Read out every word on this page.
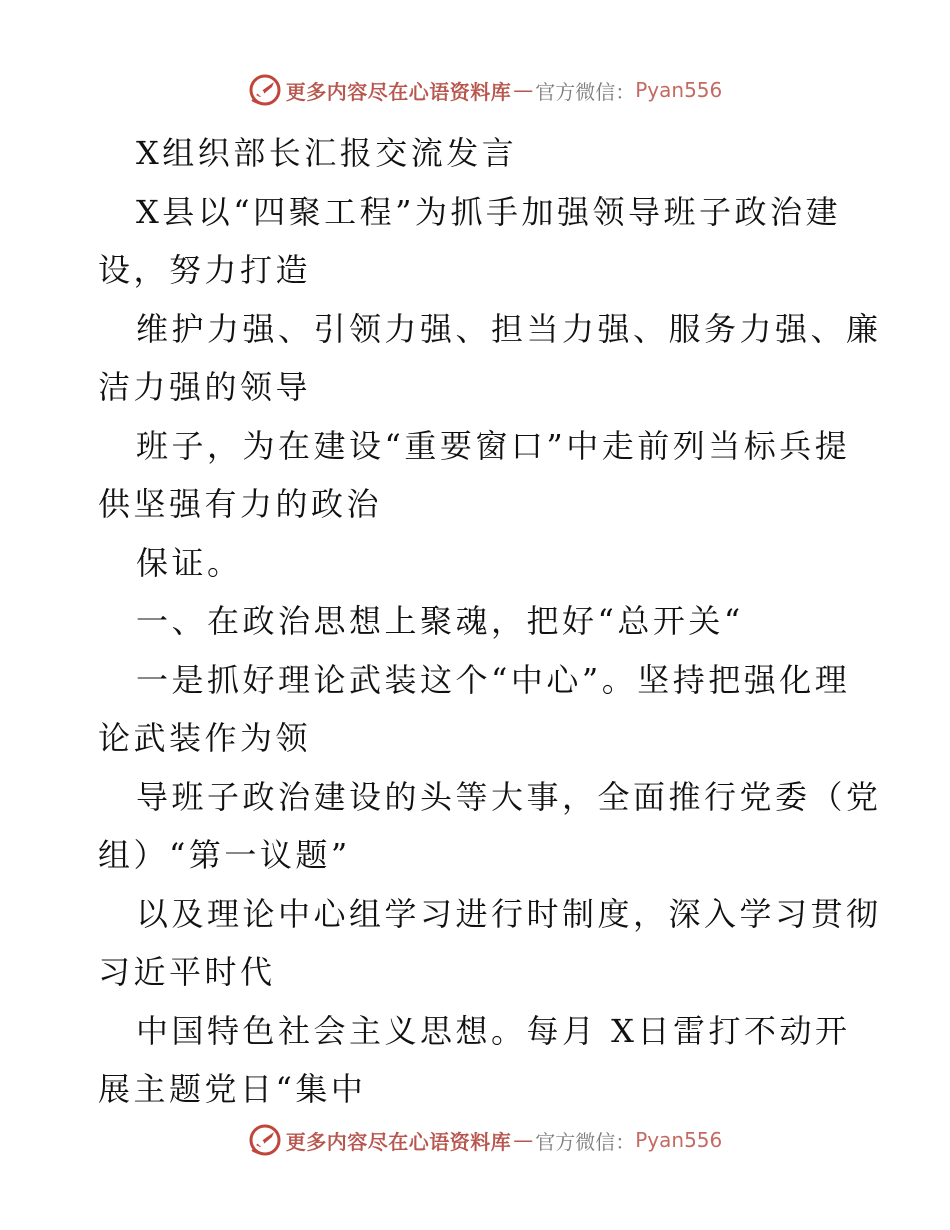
更多内容尽在心语资料库 — 官方微信： Pyan556
X组织部长汇报交流发言
X县以“四聚工程”为抓手加强领导班子政治建
设，努力打造
维护力强、引领力强、担当力强、服务力强、廉
洁力强的领导
班子，为在建设“重要窗口”中走前列当标兵提
供坚强有力的政治
保证。
一、在政治思想上聚魂，把好“总开关“
一是抓好理论武装这个“中心”。坚持把强化理
论武装作为领
导班子政治建设的头等大事，全面推行党委（党
组）“第一议题”
以及理论中心组学习进行时制度，深入学习贯彻
习近平时代
中国特色社会主义思想。每月 X日雷打不动开
展主题党日“集中
更多内容尽在心语资料库 — 官方微信： Pyan556
